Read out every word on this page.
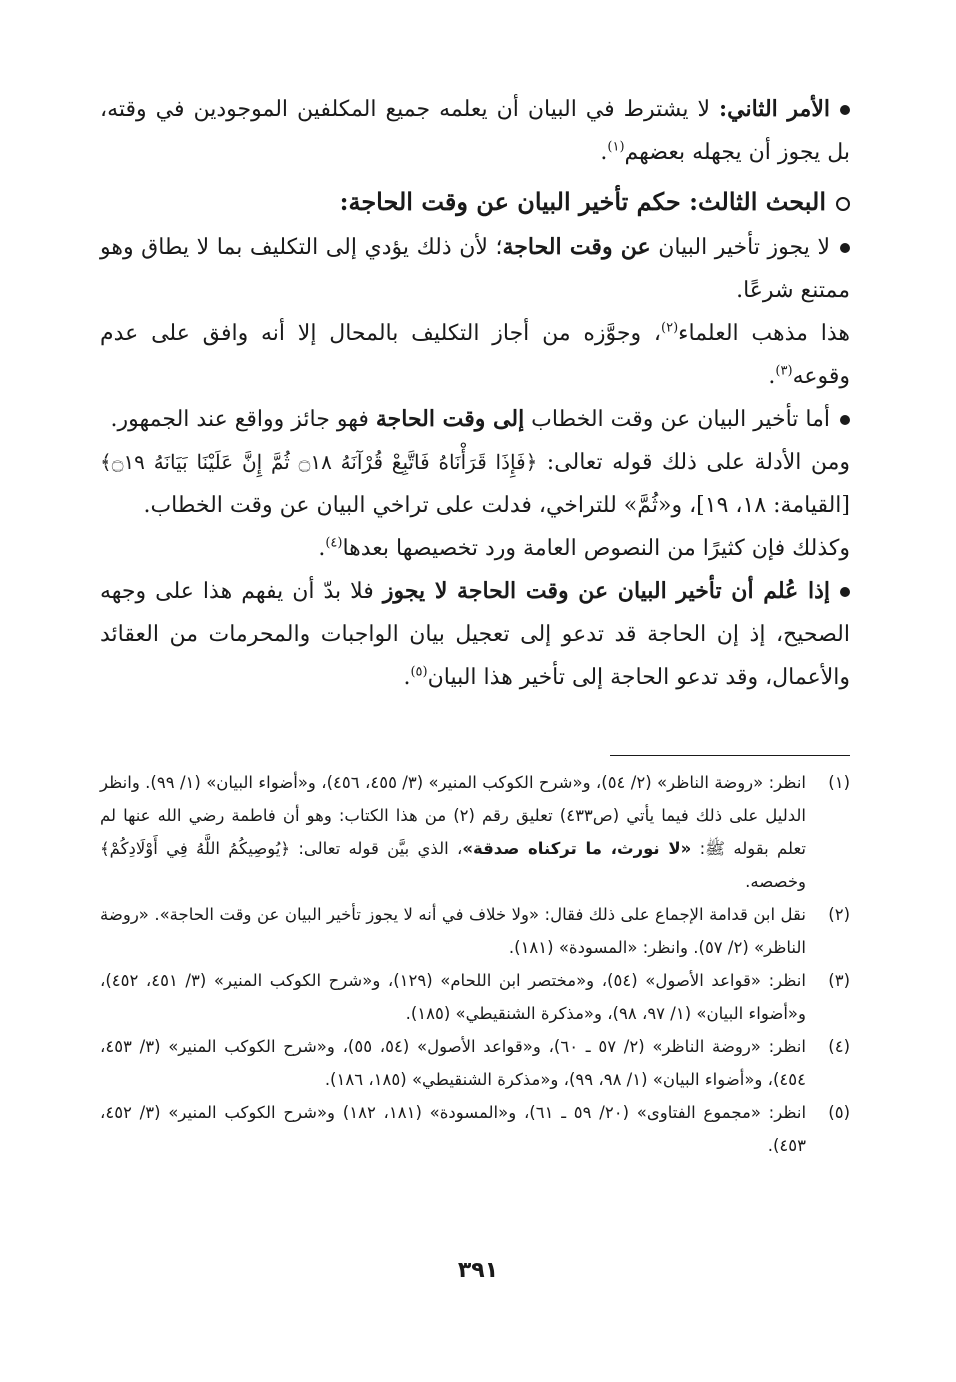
الأمر الثاني: لا يشترط في البيان أن يعلمه جميع المكلفين الموجودين في وقته، بل يجوز أن يجهله بعضهم$^{(١)}$.

البحث الثالث: حكم تأخير البيان عن وقت الحاجة:

لا يجوز تأخير البيان عن وقت الحاجة؛ لأن ذلك يؤدي إلى التكليف بما لا يطاق وهو ممتنع شرعًا.

هذا مذهب العلماء$^{(٢)}$، وجوَّزه من أجاز التكليف بالمحال إلا أنه وافق على عدم وقوعه$^{(٣)}$.

أما تأخير البيان عن وقت الخطاب إلى وقت الحاجة فهو جائز وواقع عند الجمهور.

ومن الأدلة على ذلك قوله تعالى: ﴿فَإِذَا قَرَأْنَاهُ فَاتَّبِعْ قُرْآنَهُ ۝١٨ ثُمَّ إِنَّ عَلَيْنَا بَيَانَهُ ۝١٩﴾ [القيامة: ١٨، ١٩]، و«ثُمَّ» للتراخي، فدلت على تراخي البيان عن وقت الخطاب.

وكذلك فإن كثيرًا من النصوص العامة ورد تخصيصها بعدها$^{(٤)}$.

إذا عُلم أن تأخير البيان عن وقت الحاجة لا يجوز فلا بدّ أن يفهم هذا على وجهه الصحيح، إذ إن الحاجة قد تدعو إلى تعجيل بيان الواجبات والمحرمات من العقائد والأعمال، وقد تدعو الحاجة إلى تأخير هذا البيان$^{(٥)}$.

(١)
انظر: «روضة الناظر» (٢/ ٥٤)، و«شرح الكوكب المنير» (٣/ ٤٥٥، ٤٥٦)، و«أضواء البيان» (١/ ٩٩). وانظر الدليل على ذلك فيما يأتي (ص٤٣٣) تعليق رقم (٢) من هذا الكتاب: وهو أن فاطمة رضي الله عنها لم تعلم بقوله ﷺ: «لا نورث، ما تركناه صدقة»، الذي بيَّن قوله تعالى: ﴿يُوصِيكُمُ اللَّهُ فِي أَوْلَادِكُمْ﴾ وخصصه.
(٢)
نقل ابن قدامة الإجماع على ذلك فقال: «ولا خلاف في أنه لا يجوز تأخير البيان عن وقت الحاجة». «روضة الناظر» (٢/ ٥٧). وانظر: «المسودة» (١٨١).
(٣)
انظر: «قواعد الأصول» (٥٤)، و«مختصر ابن اللحام» (١٢٩)، و«شرح الكوكب المنير» (٣/ ٤٥١، ٤٥٢)، و«أضواء البيان» (١/ ٩٧، ٩٨)، و«مذكرة الشنقيطي» (١٨٥).
(٤)
انظر: «روضة الناظر» (٢/ ٥٧ ـ ٦٠)، و«قواعد الأصول» (٥٤، ٥٥)، و«شرح الكوكب المنير» (٣/ ٤٥٣، ٤٥٤)، و«أضواء البيان» (١/ ٩٨، ٩٩)، و«مذكرة الشنقيطي» (١٨٥، ١٨٦).
(٥)
انظر: «مجموع الفتاوى» (٢٠/ ٥٩ ـ ٦١)، و«المسودة» (١٨١، ١٨٢) و«شرح الكوكب المنير» (٣/ ٤٥٢، ٤٥٣).
٣٩١
